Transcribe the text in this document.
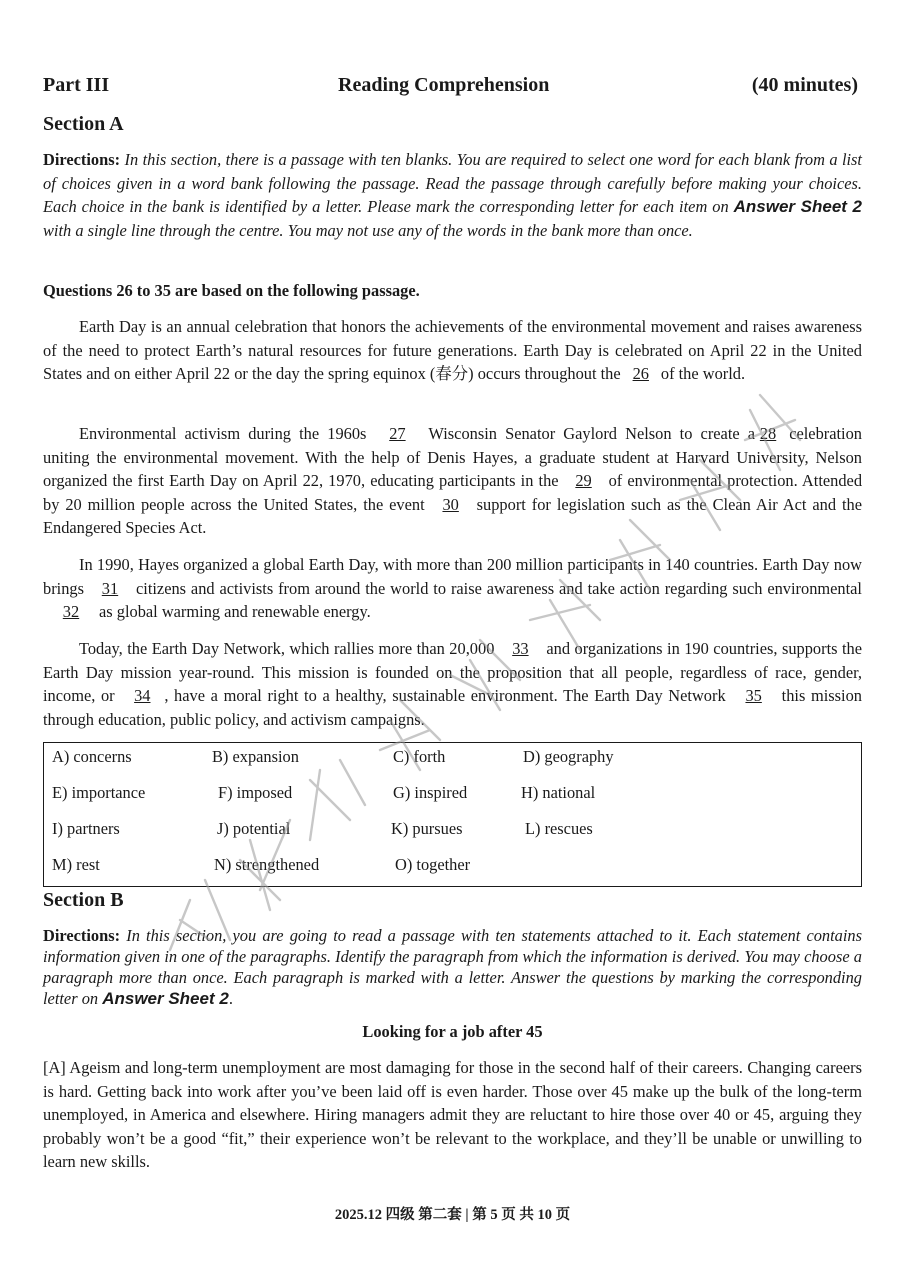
Part III	Reading Comprehension	(40 minutes)
Section A
Directions: In this section, there is a passage with ten blanks. You are required to select one word for each blank from a list of choices given in a word bank following the passage. Read the passage through carefully before making your choices. Each choice in the bank is identified by a letter. Please mark the corresponding letter for each item on Answer Sheet 2 with a single line through the centre. You may not use any of the words in the bank more than once.
Questions 26 to 35 are based on the following passage.
Earth Day is an annual celebration that honors the achievements of the environmental movement and raises awareness of the need to protect Earth’s natural resources for future generations. Earth Day is celebrated on April 22 in the United States and on either April 22 or the day the spring equinox (春分) occurs throughout the 26 of the world.
Environmental activism during the 1960s 27 Wisconsin Senator Gaylord Nelson to create a 28 celebration uniting the environmental movement. With the help of Denis Hayes, a graduate student at Harvard University, Nelson organized the first Earth Day on April 22, 1970, educating participants in the 29 of environmental protection. Attended by 20 million people across the United States, the event 30 support for legislation such as the Clean Air Act and the Endangered Species Act.
In 1990, Hayes organized a global Earth Day, with more than 200 million participants in 140 countries. Earth Day now brings 31 citizens and activists from around the world to raise awareness and take action regarding such environmental32 as global warming and renewable energy.
Today, the Earth Day Network, which rallies more than 20,000 33 and organizations in 190 countries, supports the Earth Day mission year-round. This mission is founded on the proposition that all people, regardless of race, gender, income, or 34 , have a moral right to a healthy, sustainable environment. The Earth Day Network 35 this mission through education, public policy, and activism campaigns.
A) concerns	B) expansion	C) forth	D) geography
E) importance	F) imposed	G) inspired	H) national
I) partners	J) potential	K) pursues	L) rescues
M) rest	N) strengthened	O) together
Section B
Directions: In this section, you are going to read a passage with ten statements attached to it. Each statement contains information given in one of the paragraphs. Identify the paragraph from which the information is derived. You may choose a paragraph more than once. Each paragraph is marked with a letter. Answer the questions by marking the corresponding letter on Answer Sheet 2.
Looking for a job after 45
[A] Ageism and long-term unemployment are most damaging for those in the second half of their careers. Changing careers is hard. Getting back into work after you’ve been laid off is even harder. Those over 45 make up the bulk of the long-term unemployed, in America and elsewhere. Hiring managers admit they are reluctant to hire those over 40 or 45, arguing they probably won’t be a good “fit,” their experience won’t be relevant to the workplace, and they’ll be unable or unwilling to learn new skills.
2025.12 四级 第二套 | 第 5 页 共 10 页
